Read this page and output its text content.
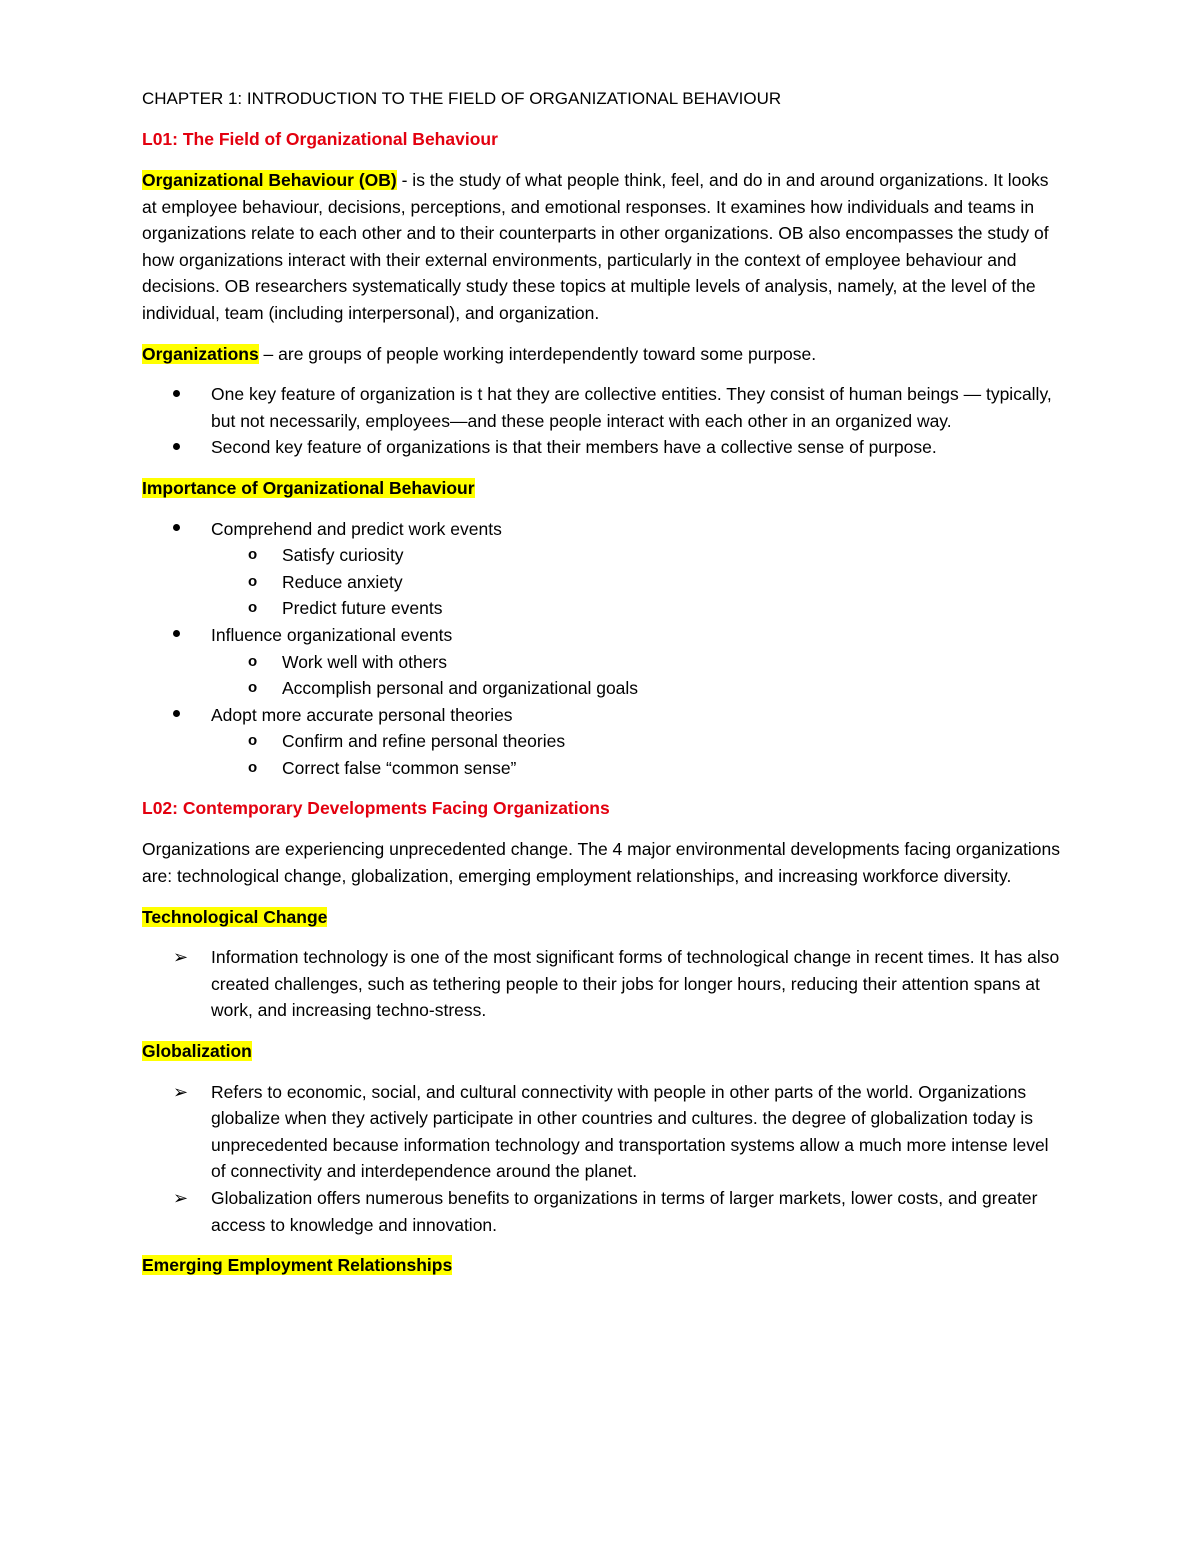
CHAPTER 1: INTRODUCTION TO THE FIELD OF ORGANIZATIONAL BEHAVIOUR

L01: The Field of Organizational Behaviour

Organizational Behaviour (OB) - is the study of what people think, feel, and do in and around organizations. It looks at employee behaviour, decisions, perceptions, and emotional responses. It examines how individuals and teams in organizations relate to each other and to their counterparts in other organizations. OB also encompasses the study of how organizations interact with their external environments, particularly in the context of employee behaviour and decisions. OB researchers systematically study these topics at multiple levels of analysis, namely, at the level of the individual, team (including interpersonal), and organization.

Organizations – are groups of people working interdependently toward some purpose.

One key feature of organization is t hat they are collective entities. They consist of human beings — typically, but not necessarily, employees—and these people interact with each other in an organized way.
Second key feature of organizations is that their members have a collective sense of purpose.

Importance of Organizational Behaviour

Comprehend and predict work events
o Satisfy curiosity
o Reduce anxiety
o Predict future events
Influence organizational events
o Work well with others
o Accomplish personal and organizational goals
Adopt more accurate personal theories
o Confirm and refine personal theories
o Correct false “common sense”

L02: Contemporary Developments Facing Organizations

Organizations are experiencing unprecedented change. The 4 major environmental developments facing organizations are: technological change, globalization, emerging employment relationships, and increasing workforce diversity.

Technological Change

➢ Information technology is one of the most significant forms of technological change in recent times. It has also created challenges, such as tethering people to their jobs for longer hours, reducing their attention spans at work, and increasing techno-stress.

Globalization

➢ Refers to economic, social, and cultural connectivity with people in other parts of the world. Organizations globalize when they actively participate in other countries and cultures. the degree of globalization today is unprecedented because information technology and transportation systems allow a much more intense level of connectivity and interdependence around the planet.
➢ Globalization offers numerous benefits to organizations in terms of larger markets, lower costs, and greater access to knowledge and innovation.

Emerging Employment Relationships
